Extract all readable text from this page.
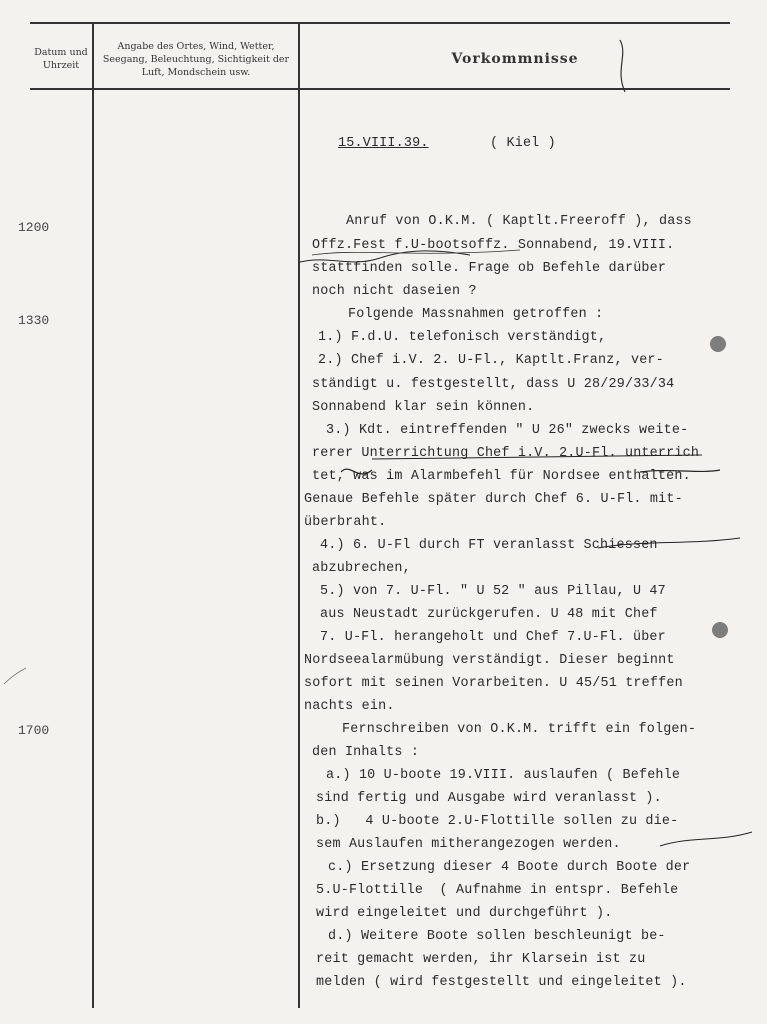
Datum und Uhrzeit
Angabe des Ortes, Wind, Wetter, Seegang, Beleuchtung, Sichtigkeit der Luft, Mondschein usw.
Vorkommnisse
15.VIII.39.	( Kiel )
1200
1330
1700
Anruf von O.K.M. ( Kaptlt.Freeroff ), dass
Offz.Fest f.U-bootsoffz. Sonnabend, 19.VIII.
stattfinden solle. Frage ob Befehle darüber
noch nicht daseien ?
Folgende Massnahmen getroffen :
1.) F.d.U. telefonisch verständigt,
2.) Chef i.V. 2. U-Fl., Kaptlt.Franz, ver-
ständigt u. festgestellt, dass U 28/29/33/34
Sonnabend klar sein können.
3.) Kdt. eintreffenden " U 26" zwecks weite-
rerer Unterrichtung Chef i.V. 2.U-Fl. unterrich
tet, was im Alarmbefehl für Nordsee enthalten.
Genaue Befehle später durch Chef 6. U-Fl. mit-
überbraht.
4.) 6. U-Fl durch FT veranlasst Schiessen
abzubrechen,
5.) von 7. U-Fl. " U 52 " aus Pillau, U 47
aus Neustadt zurückgerufen. U 48 mit Chef
7. U-Fl. herangeholt und Chef 7.U-Fl. über
Nordseealarmübung verständigt. Dieser beginnt
sofort mit seinen Vorarbeiten. U 45/51 treffen
nachts ein.
Fernschreiben von O.K.M. trifft ein folgen-
den Inhalts :
a.) 10 U-boote 19.VIII. auslaufen ( Befehle
sind fertig und Ausgabe wird veranlasst ).
b.)   4 U-boote 2.U-Flottille sollen zu die-
sem Auslaufen mitherangezogen werden.
c.) Ersetzung dieser 4 Boote durch Boote der
5.U-Flottille  ( Aufnahme in entspr. Befehle
wird eingeleitet und durchgeführt ).
d.) Weitere Boote sollen beschleunigt be-
reit gemacht werden, ihr Klarsein ist zu
melden ( wird festgestellt und eingeleitet ).
